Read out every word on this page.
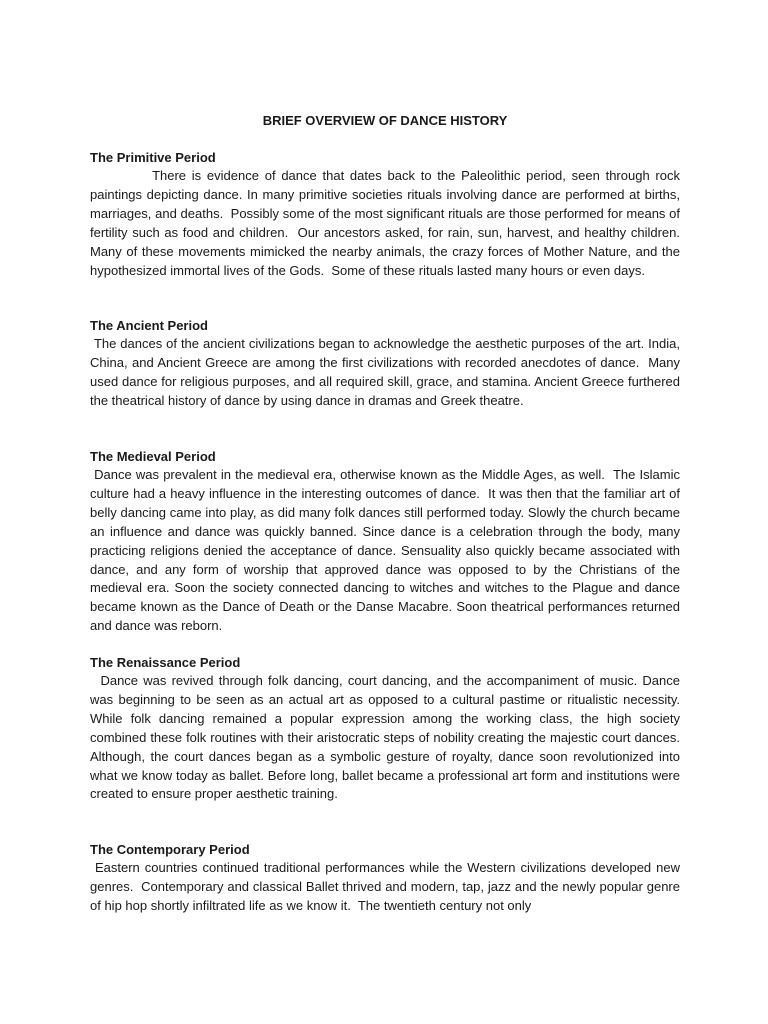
BRIEF OVERVIEW OF DANCE HISTORY
The Primitive Period

		There is evidence of dance that dates back to the Paleolithic period, seen through rock paintings depicting dance. In many primitive societies rituals involving dance are performed at births, marriages, and deaths.  Possibly some of the most significant rituals are those performed for means of fertility such as food and children.  Our ancestors asked, for rain, sun, harvest, and healthy children.  Many of these movements mimicked the nearby animals, the crazy forces of Mother Nature, and the hypothesized immortal lives of the Gods.  Some of these rituals lasted many hours or even days.

The Ancient Period

The dances of the ancient civilizations began to acknowledge the aesthetic purposes of the art. India, China, and Ancient Greece are among the first civilizations with recorded anecdotes of dance.  Many used dance for religious purposes, and all required skill, grace, and stamina. Ancient Greece furthered the theatrical history of dance by using dance in dramas and Greek theatre.

The Medieval Period

Dance was prevalent in the medieval era, otherwise known as the Middle Ages, as well.  The Islamic culture had a heavy influence in the interesting outcomes of dance.  It was then that the familiar art of belly dancing came into play, as did many folk dances still performed today. Slowly the church became an influence and dance was quickly banned. Since dance is a celebration through the body, many practicing religions denied the acceptance of dance. Sensuality also quickly became associated with dance, and any form of worship that approved dance was opposed to by the Christians of the medieval era. Soon the society connected dancing to witches and witches to the Plague and dance became known as the Dance of Death or the Danse Macabre. Soon theatrical performances returned and dance was reborn.

The Renaissance Period

Dance was revived through folk dancing, court dancing, and the accompaniment of music. Dance was beginning to be seen as an actual art as opposed to a cultural pastime or ritualistic necessity.  While folk dancing remained a popular expression among the working class, the high society combined these folk routines with their aristocratic steps of nobility creating the majestic court dances.  Although, the court dances began as a symbolic gesture of royalty, dance soon revolutionized into what we know today as ballet. Before long, ballet became a professional art form and institutions were created to ensure proper aesthetic training.

The Contemporary Period

Eastern countries continued traditional performances while the Western civilizations developed new genres.  Contemporary and classical Ballet thrived and modern, tap, jazz and the newly popular genre of hip hop shortly infiltrated life as we know it.  The twentieth century not only
